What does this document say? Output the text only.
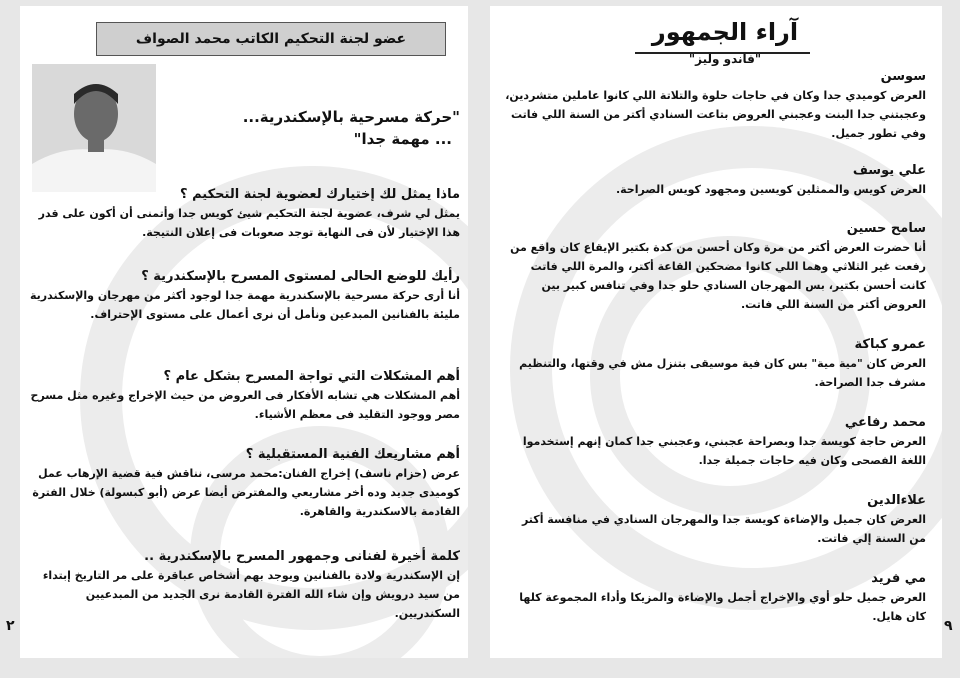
عضو لجنة التحكيم الكاتب محمد الصواف
"حركة مسرحية بالإسكندرية...
... مهمة جدا"
ماذا يمثل لك إختيارك لعضوية لجنة التحكيم ؟
يمثل لي شرف، عضوية لجنة التحكيم شيئ كويس جدا وأتمنى أن أكون على قدر هذا الإختيار لأن فى النهاية توجد صعوبات فى إعلان النتيجة.
رأيك للوضع الحالى لمستوى المسرح بالإسكندرية ؟
أنا أرى حركة مسرحية بالإسكندرية مهمة جدا لوجود أكثر من مهرجان والإسكندرية مليئة بالفنانين المبدعين ونأمل أن نرى أعمال على مستوى الإحتراف.
أهم المشكلات التي تواجة المسرح بشكل عام ؟
أهم المشكلات هي تشابه الأفكار فى العروض من حيث الإخراج وغيره مثل مسرح مصر ووجود التقليد فى معظم الأشياء.
أهم مشاريعك الفنية المستقبلية ؟
عرض (حزام ناسف) إخراج الفنان:محمد مرسى، نناقش فية قضية الإرهاب عمل كوميدى جديد وده أخر مشاريعي والمفترض أيضا عرض (أبو كبسولة) خلال الفترة القادمة بالاسكندرية والقاهرة.
كلمة أخيرة لفنانى وجمهور المسرح بالإسكندرية ..
إن الإسكندرية ولادة بالفنانين ويوجد بهم أشخاص عباقرة على مر التاريخ إبتداء من سيد درويش وإن شاء الله الفترة القادمة نرى الجديد من المبدعيين السكندريين.
٢
آراء الجمهور
"فاندو وليز"
سوسن
العرض كوميدي جدا وكان في حاجات حلوة والتلاتة اللي كانوا عاملين متشردين، وعجبتني جدا البنت وعجبني العروض بتاعت السنادي أكتر من السنة اللي فاتت وفي تطور جميل.
علي يوسف
العرض كويس والممثلين كويسين ومجهود كويس الصراحة.
سامح حسين
أنا حضرت العرض أكتر من مرة وكان أحسن من كدة بكتير الإيقاع كان واقع من رفعت غير الثلاثي وهما اللي كانوا مضحكين القاعة أكتر، والمرة اللي فاتت كانت أحسن بكتير، بس المهرجان السنادي حلو جدا وفي تنافس كبير بين العروض أكتر من السنة اللي فاتت.
عمرو كباكة
العرض كان "مية مية" بس كان فية موسيقى بتنزل مش في وقتها، والتنظيم مشرف جدا الصراحة.
محمد رفاعي
العرض حاجة كويسة جدا وبصراحة عجبني، وعجبني جدا كمان إنهم إستخدموا اللغة الفصحى وكان فيه حاجات جميلة جدا.
علاءالدين
العرض كان جميل والإضاءة كويسة جدا والمهرجان السنادي في منافسة أكتر من السنة إلي فاتت.
مي فريد
العرض جميل حلو أوي والإخراج أجمل والإضاءة والمزيكا وأداء المجموعة كلها كان هايل.
٩
